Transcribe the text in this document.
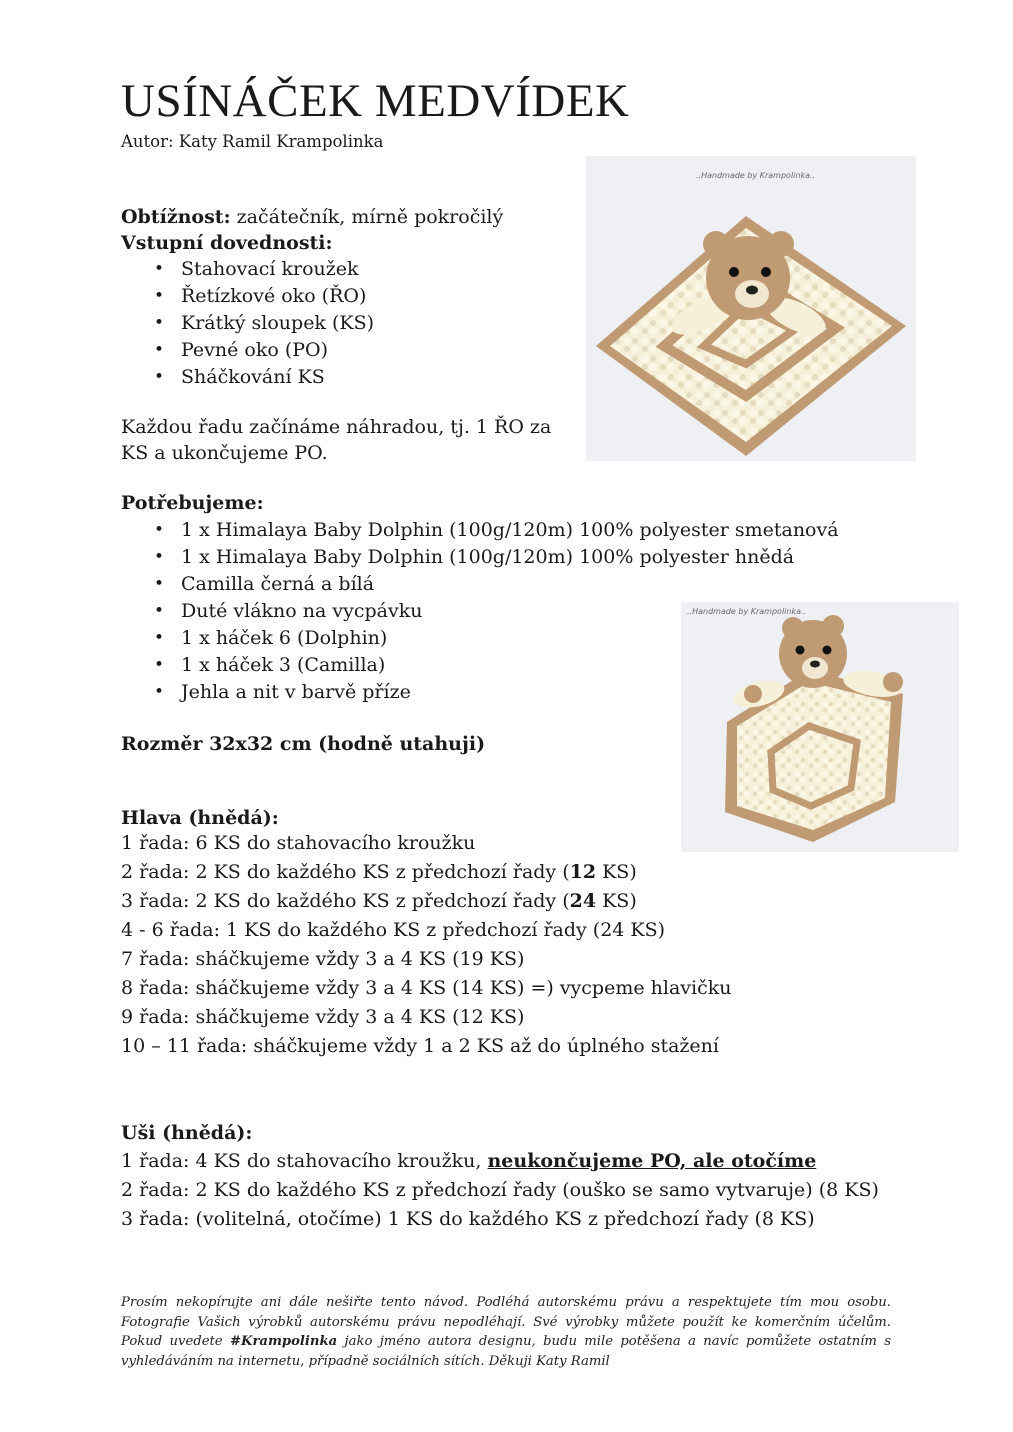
USÍNÁČEK MEDVÍDEK
Autor: Katy Ramil Krampolinka
Obtížnost: začátečník, mírně pokročilý
Vstupní dovednosti:
• Stahovací kroužek
• Řetízkové oko (ŘO)
• Krátký sloupek (KS)
• Pevné oko (PO)
• Sháčkování KS
Každou řadu začínáme náhradou, tj. 1 ŘO za
KS a ukončujeme PO.
Potřebujeme:
• 1 x Himalaya Baby Dolphin (100g/120m) 100% polyester smetanová
• 1 x Himalaya Baby Dolphin (100g/120m) 100% polyester hnědá
• Camilla černá a bílá
• Duté vlákno na vycpávku
• 1 x háček 6 (Dolphin)
• 1 x háček 3 (Camilla)
• Jehla a nit v barvě příze
Rozměr 32x32 cm (hodně utahuji)
Hlava (hnědá):
1 řada: 6 KS do stahovacího kroužku
2 řada: 2 KS do každého KS z předchozí řady (12 KS)
3 řada: 2 KS do každého KS z předchozí řady (24 KS)
4 - 6 řada: 1 KS do každého KS z předchozí řady (24 KS)
7 řada: sháčkujeme vždy 3 a 4 KS (19 KS)
8 řada: sháčkujeme vždy 3 a 4 KS (14 KS) =) vycpeme hlavičku
9 řada: sháčkujeme vždy 3 a 4 KS (12 KS)
10 – 11 řada: sháčkujeme vždy 1 a 2 KS až do úplného stažení
Uši (hnědá):
1 řada: 4 KS do stahovacího kroužku, neukončujeme PO, ale otočíme
2 řada: 2 KS do každého KS z předchozí řady (ouško se samo vytvaruje) (8 KS)
3 řada: (volitelná, otočíme) 1 KS do každého KS z předchozí řady (8 KS)
Prosím nekopírujte ani dále nešiřte tento návod. Podléhá autorskému právu a respektujete tím mou osobu. Fotografie Vašich výrobků autorskému právu nepodléhají. Své výrobky můžete použít ke komerčním účelům. Pokud uvedete #Krampolinka jako jméno autora designu, budu mile potěšena a navíc pomůžete ostatním s vyhledáváním na internetu, případně sociálních sítích. Děkuji Katy Ramil
..Handmade by Krampolinka..
..Handmade by Krampolinka..
